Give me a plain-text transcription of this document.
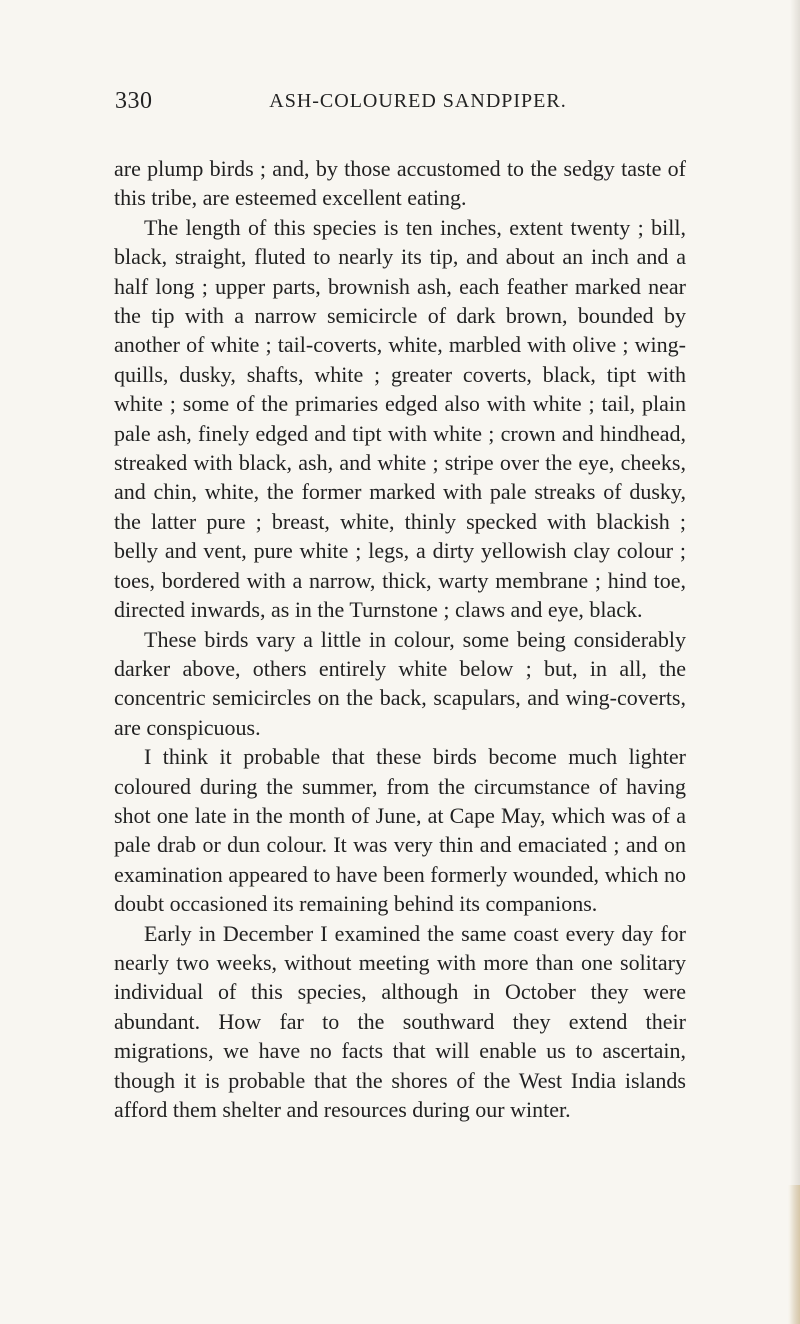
330	ASH-COLOURED SANDPIPER.

are plump birds ; and, by those accustomed to the sedgy taste of this tribe, are esteemed excellent eating.

The length of this species is ten inches, extent twenty ; bill, black, straight, fluted to nearly its tip, and about an inch and a half long ; upper parts, brownish ash, each feather marked near the tip with a narrow semicircle of dark brown, bounded by another of white ; tail-coverts, white, marbled with olive ; wing-quills, dusky, shafts, white ; greater coverts, black, tipt with white ; some of the primaries edged also with white ; tail, plain pale ash, finely edged and tipt with white ; crown and hindhead, streaked with black, ash, and white ; stripe over the eye, cheeks, and chin, white, the former marked with pale streaks of dusky, the latter pure ; breast, white, thinly specked with blackish ; belly and vent, pure white ; legs, a dirty yellowish clay colour ; toes, bordered with a narrow, thick, warty membrane ; hind toe, directed inwards, as in the Turnstone ; claws and eye, black.

These birds vary a little in colour, some being considerably darker above, others entirely white below ; but, in all, the concentric semicircles on the back, scapulars, and wing-coverts, are conspicuous.

I think it probable that these birds become much lighter coloured during the summer, from the circumstance of having shot one late in the month of June, at Cape May, which was of a pale drab or dun colour. It was very thin and emaciated ; and on examination appeared to have been formerly wounded, which no doubt occasioned its remaining behind its companions.

Early in December I examined the same coast every day for nearly two weeks, without meeting with more than one solitary individual of this species, although in October they were abundant. How far to the southward they extend their migrations, we have no facts that will enable us to ascertain, though it is probable that the shores of the West India islands afford them shelter and resources during our winter.
